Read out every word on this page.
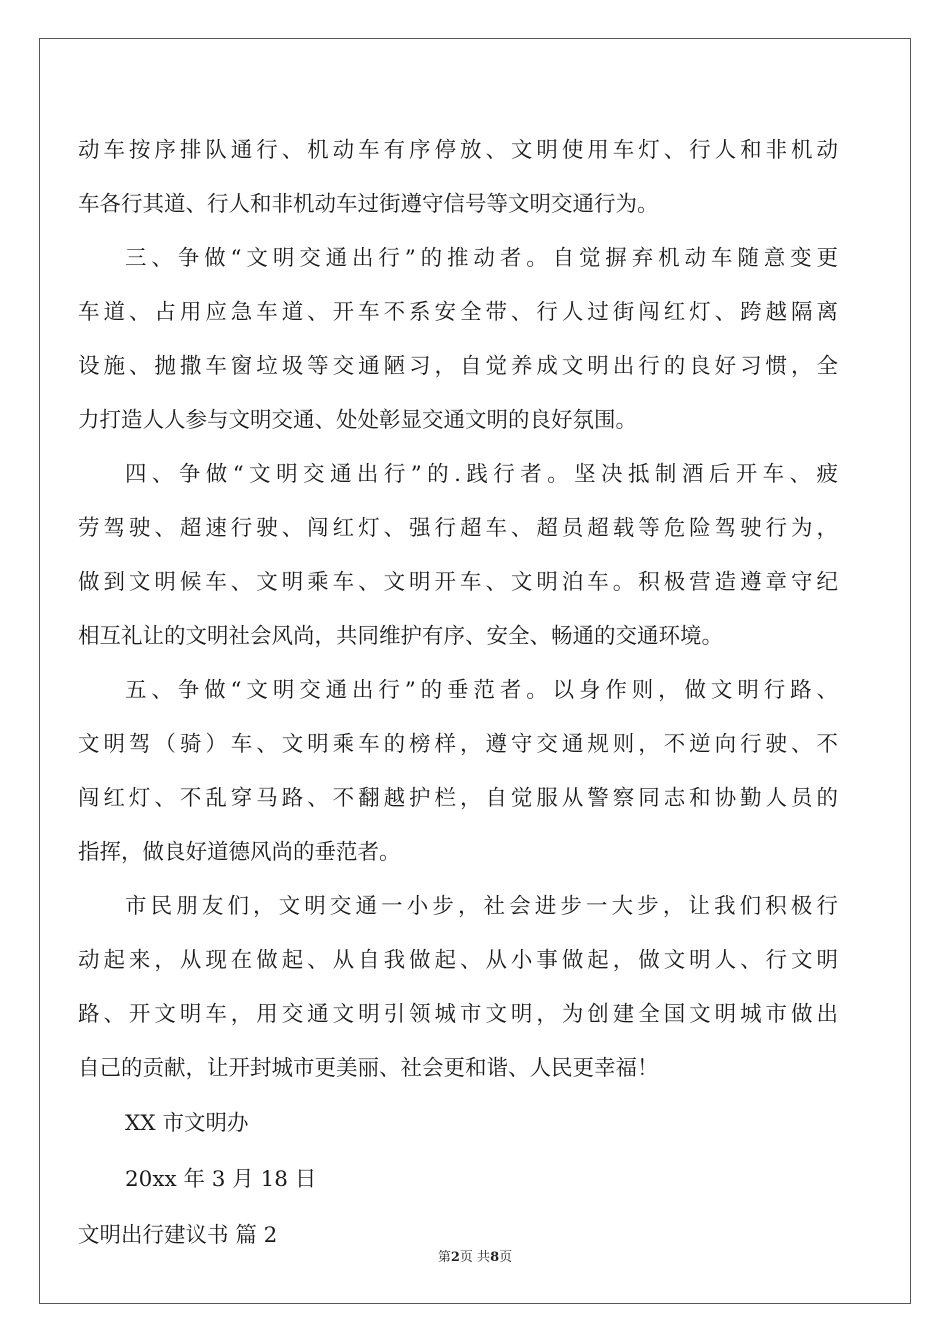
动车按序排队通行、机动车有序停放、文明使用车灯、行人和非机动
车各行其道、行人和非机动车过街遵守信号等文明交通行为。
三、争做“文明交通出行”的推动者。自觉摒弃机动车随意变更
车道、占用应急车道、开车不系安全带、行人过街闯红灯、跨越隔离
设施、抛撒车窗垃圾等交通陋习，自觉养成文明出行的良好习惯，全
力打造人人参与文明交通、处处彰显交通文明的良好氛围。
四、争做“文明交通出行”的.践行者。坚决抵制酒后开车、疲
劳驾驶、超速行驶、闯红灯、强行超车、超员超载等危险驾驶行为，
做到文明候车、文明乘车、文明开车、文明泊车。积极营造遵章守纪
相互礼让的文明社会风尚，共同维护有序、安全、畅通的交通环境。
五、争做“文明交通出行”的垂范者。以身作则，做文明行路、
文明驾（骑）车、文明乘车的榜样，遵守交通规则，不逆向行驶、不
闯红灯、不乱穿马路、不翻越护栏，自觉服从警察同志和协勤人员的
指挥，做良好道德风尚的垂范者。
市民朋友们，文明交通一小步，社会进步一大步，让我们积极行
动起来，从现在做起、从自我做起、从小事做起，做文明人、行文明
路、开文明车，用交通文明引领城市文明，为创建全国文明城市做出
自己的贡献，让开封城市更美丽、社会更和谐、人民更幸福！
XX 市文明办
20xx 年 3 月 18 日
文明出行建议书 篇 2
第2页 共8页
